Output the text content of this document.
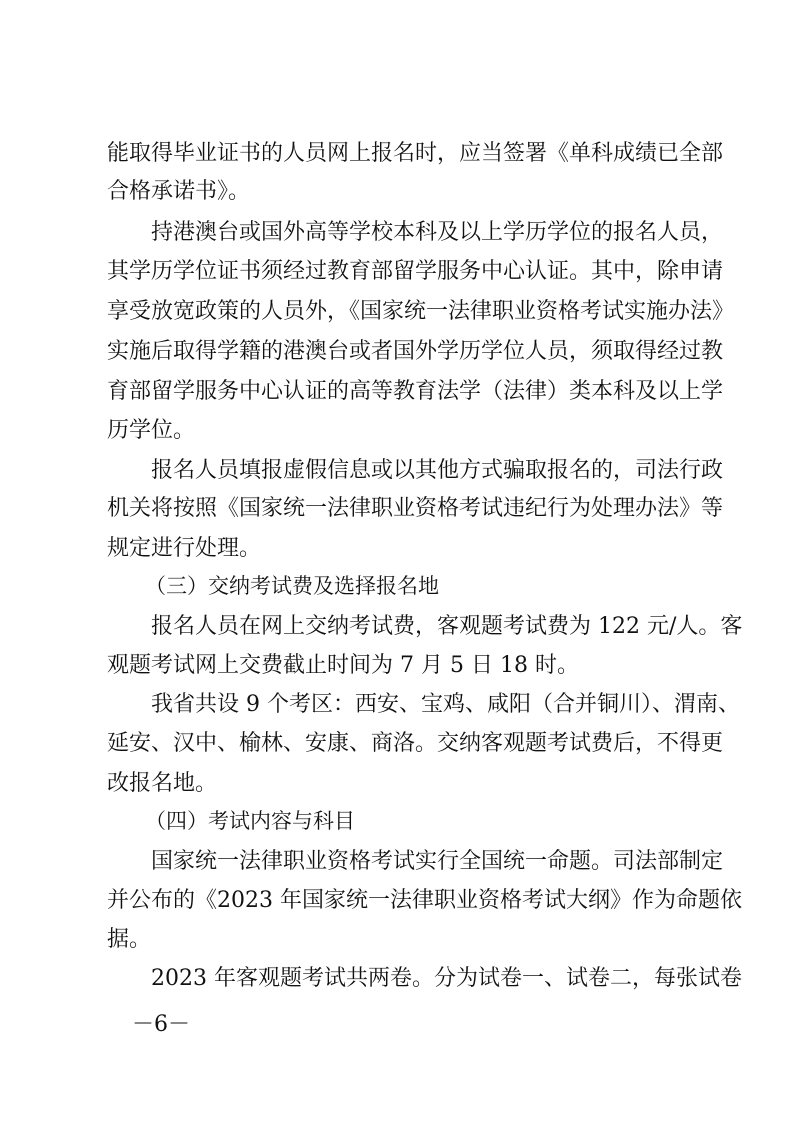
能取得毕业证书的人员网上报名时，应当签署《单科成绩已全部
合格承诺书》。
持港澳台或国外高等学校本科及以上学历学位的报名人员，
其学历学位证书须经过教育部留学服务中心认证。其中，除申请
享受放宽政策的人员外，《国家统一法律职业资格考试实施办法》
实施后取得学籍的港澳台或者国外学历学位人员，须取得经过教
育部留学服务中心认证的高等教育法学（法律）类本科及以上学
历学位。
报名人员填报虚假信息或以其他方式骗取报名的，司法行政
机关将按照《国家统一法律职业资格考试违纪行为处理办法》等
规定进行处理。
（三）交纳考试费及选择报名地
报名人员在网上交纳考试费，客观题考试费为 122 元/人。客
观题考试网上交费截止时间为 7 月 5 日 18 时。
我省共设 9 个考区：西安、宝鸡、咸阳（合并铜川）、渭南、
延安、汉中、榆林、安康、商洛。交纳客观题考试费后，不得更
改报名地。
（四）考试内容与科目
国家统一法律职业资格考试实行全国统一命题。司法部制定
并公布的《2023 年国家统一法律职业资格考试大纲》作为命题依
据。
2023 年客观题考试共两卷。分为试卷一、试卷二，每张试卷
－6－
